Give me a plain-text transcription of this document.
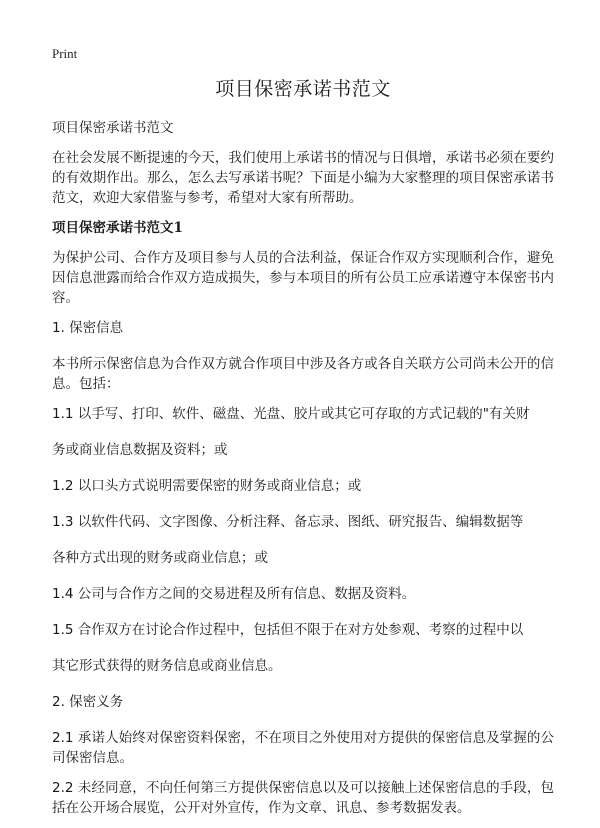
Print
项目保密承诺书范文
项目保密承诺书范文

在社会发展不断提速的今天，我们使用上承诺书的情况与日俱增，承诺书必须在要约的有效期作出。那么，怎么去写承诺书呢？下面是小编为大家整理的项目保密承诺书范文，欢迎大家借鉴与参考，希望对大家有所帮助。

项目保密承诺书范文1

为保护公司、合作方及项目参与人员的合法利益，保证合作双方实现顺利合作，避免因信息泄露而给合作双方造成损失，参与本项目的所有公员工应承诺遵守本保密书内容。

1. 保密信息

本书所示保密信息为合作双方就合作项目中涉及各方或各自关联方公司尚未公开的信息。包括：

1.1 以手写、打印、软件、磁盘、光盘、胶片或其它可存取的方式记载的"有关财

务或商业信息数据及资料；或

1.2 以口头方式说明需要保密的财务或商业信息；或

1.3 以软件代码、文字图像、分析注释、备忘录、图纸、研究报告、编辑数据等

各种方式出现的财务或商业信息；或

1.4 公司与合作方之间的交易进程及所有信息、数据及资料。

1.5 合作双方在讨论合作过程中，包括但不限于在对方处参观、考察的过程中以

其它形式获得的财务信息或商业信息。

2. 保密义务

2.1 承诺人始终对保密资料保密，不在项目之外使用对方提供的保密信息及掌握的公司保密信息。

2.2 未经同意，不向任何第三方提供保密信息以及可以接触上述保密信息的手段，包括在公开场合展览，公开对外宣传，作为文章、讯息、参考数据发表。
